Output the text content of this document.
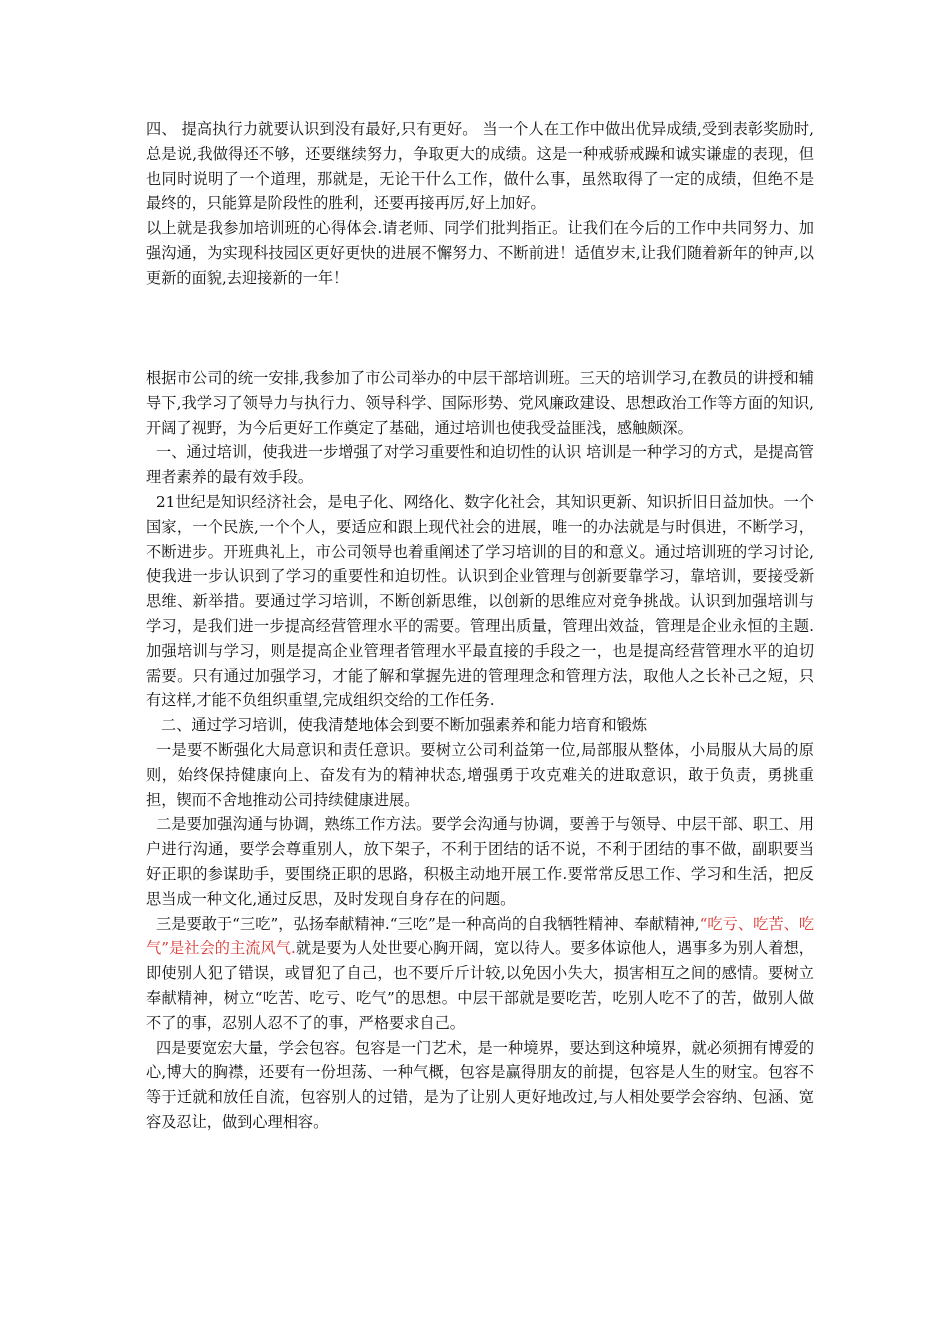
四、 提高执行力就要认识到没有最好,只有更好。 当一个人在工作中做出优异成绩,受到表彰奖励时,总是说,我做得还不够，还要继续努力，争取更大的成绩。这是一种戒骄戒躁和诚实谦虚的表现，但也同时说明了一个道理，那就是，无论干什么工作，做什么事，虽然取得了一定的成绩，但绝不是最终的，只能算是阶段性的胜利，还要再接再厉,好上加好。

以上就是我参加培训班的心得体会.请老师、同学们批判指正。让我们在今后的工作中共同努力、加强沟通，为实现科技园区更好更快的进展不懈努力、不断前进！适值岁末,让我们随着新年的钟声,以更新的面貌,去迎接新的一年！

根据市公司的统一安排,我参加了市公司举办的中层干部培训班。三天的培训学习,在教员的讲授和辅导下,我学习了领导力与执行力、领导科学、国际形势、党风廉政建设、思想政治工作等方面的知识,开阔了视野，为今后更好工作奠定了基础，通过培训也使我受益匪浅，感触颇深。

一、通过培训，使我进一步增强了对学习重要性和迫切性的认识 培训是一种学习的方式，是提高管理者素养的最有效手段。

21世纪是知识经济社会，是电子化、网络化、数字化社会，其知识更新、知识折旧日益加快。一个国家，一个民族,一个个人，要适应和跟上现代社会的进展，唯一的办法就是与时俱进，不断学习，不断进步。开班典礼上，市公司领导也着重阐述了学习培训的目的和意义。通过培训班的学习讨论,使我进一步认识到了学习的重要性和迫切性。认识到企业管理与创新要靠学习，靠培训，要接受新思维、新举措。要通过学习培训，不断创新思维，以创新的思维应对竞争挑战。认识到加强培训与学习，是我们进一步提高经营管理水平的需要。管理出质量，管理出效益，管理是企业永恒的主题.加强培训与学习，则是提高企业管理者管理水平最直接的手段之一，也是提高经营管理水平的迫切需要。只有通过加强学习，才能了解和掌握先进的管理理念和管理方法，取他人之长补己之短，只有这样,才能不负组织重望,完成组织交给的工作任务.

二、通过学习培训，使我清楚地体会到要不断加强素养和能力培育和锻炼

一是要不断强化大局意识和责任意识。要树立公司利益第一位,局部服从整体，小局服从大局的原则，始终保持健康向上、奋发有为的精神状态,增强勇于攻克难关的进取意识，敢于负责，勇挑重担，锲而不舍地推动公司持续健康进展。

二是要加强沟通与协调，熟练工作方法。要学会沟通与协调，要善于与领导、中层干部、职工、用户进行沟通，要学会尊重别人，放下架子，不利于团结的话不说，不利于团结的事不做，副职要当好正职的参谋助手，要围绕正职的思路，积极主动地开展工作.要常常反思工作、学习和生活，把反思当成一种文化,通过反思，及时发现自身存在的问题。

三是要敢于“三吃”，弘扬奉献精神.“三吃”是一种高尚的自我牺牲精神、奉献精神,“吃亏、吃苦、吃气”是社会的主流风气.就是要为人处世要心胸开阔，宽以待人。要多体谅他人，遇事多为别人着想，即使别人犯了错误，或冒犯了自己，也不要斤斤计较,以免因小失大，损害相互之间的感情。要树立奉献精神，树立“吃苦、吃亏、吃气”的思想。中层干部就是要吃苦，吃别人吃不了的苦，做别人做不了的事，忍别人忍不了的事，严格要求自己。

四是要宽宏大量，学会包容。包容是一门艺术，是一种境界，要达到这种境界，就必须拥有博爱的心,博大的胸襟，还要有一份坦荡、一种气概，包容是赢得朋友的前提，包容是人生的财宝。包容不等于迁就和放任自流，包容别人的过错，是为了让别人更好地改过,与人相处要学会容纳、包涵、宽容及忍让，做到心理相容。
